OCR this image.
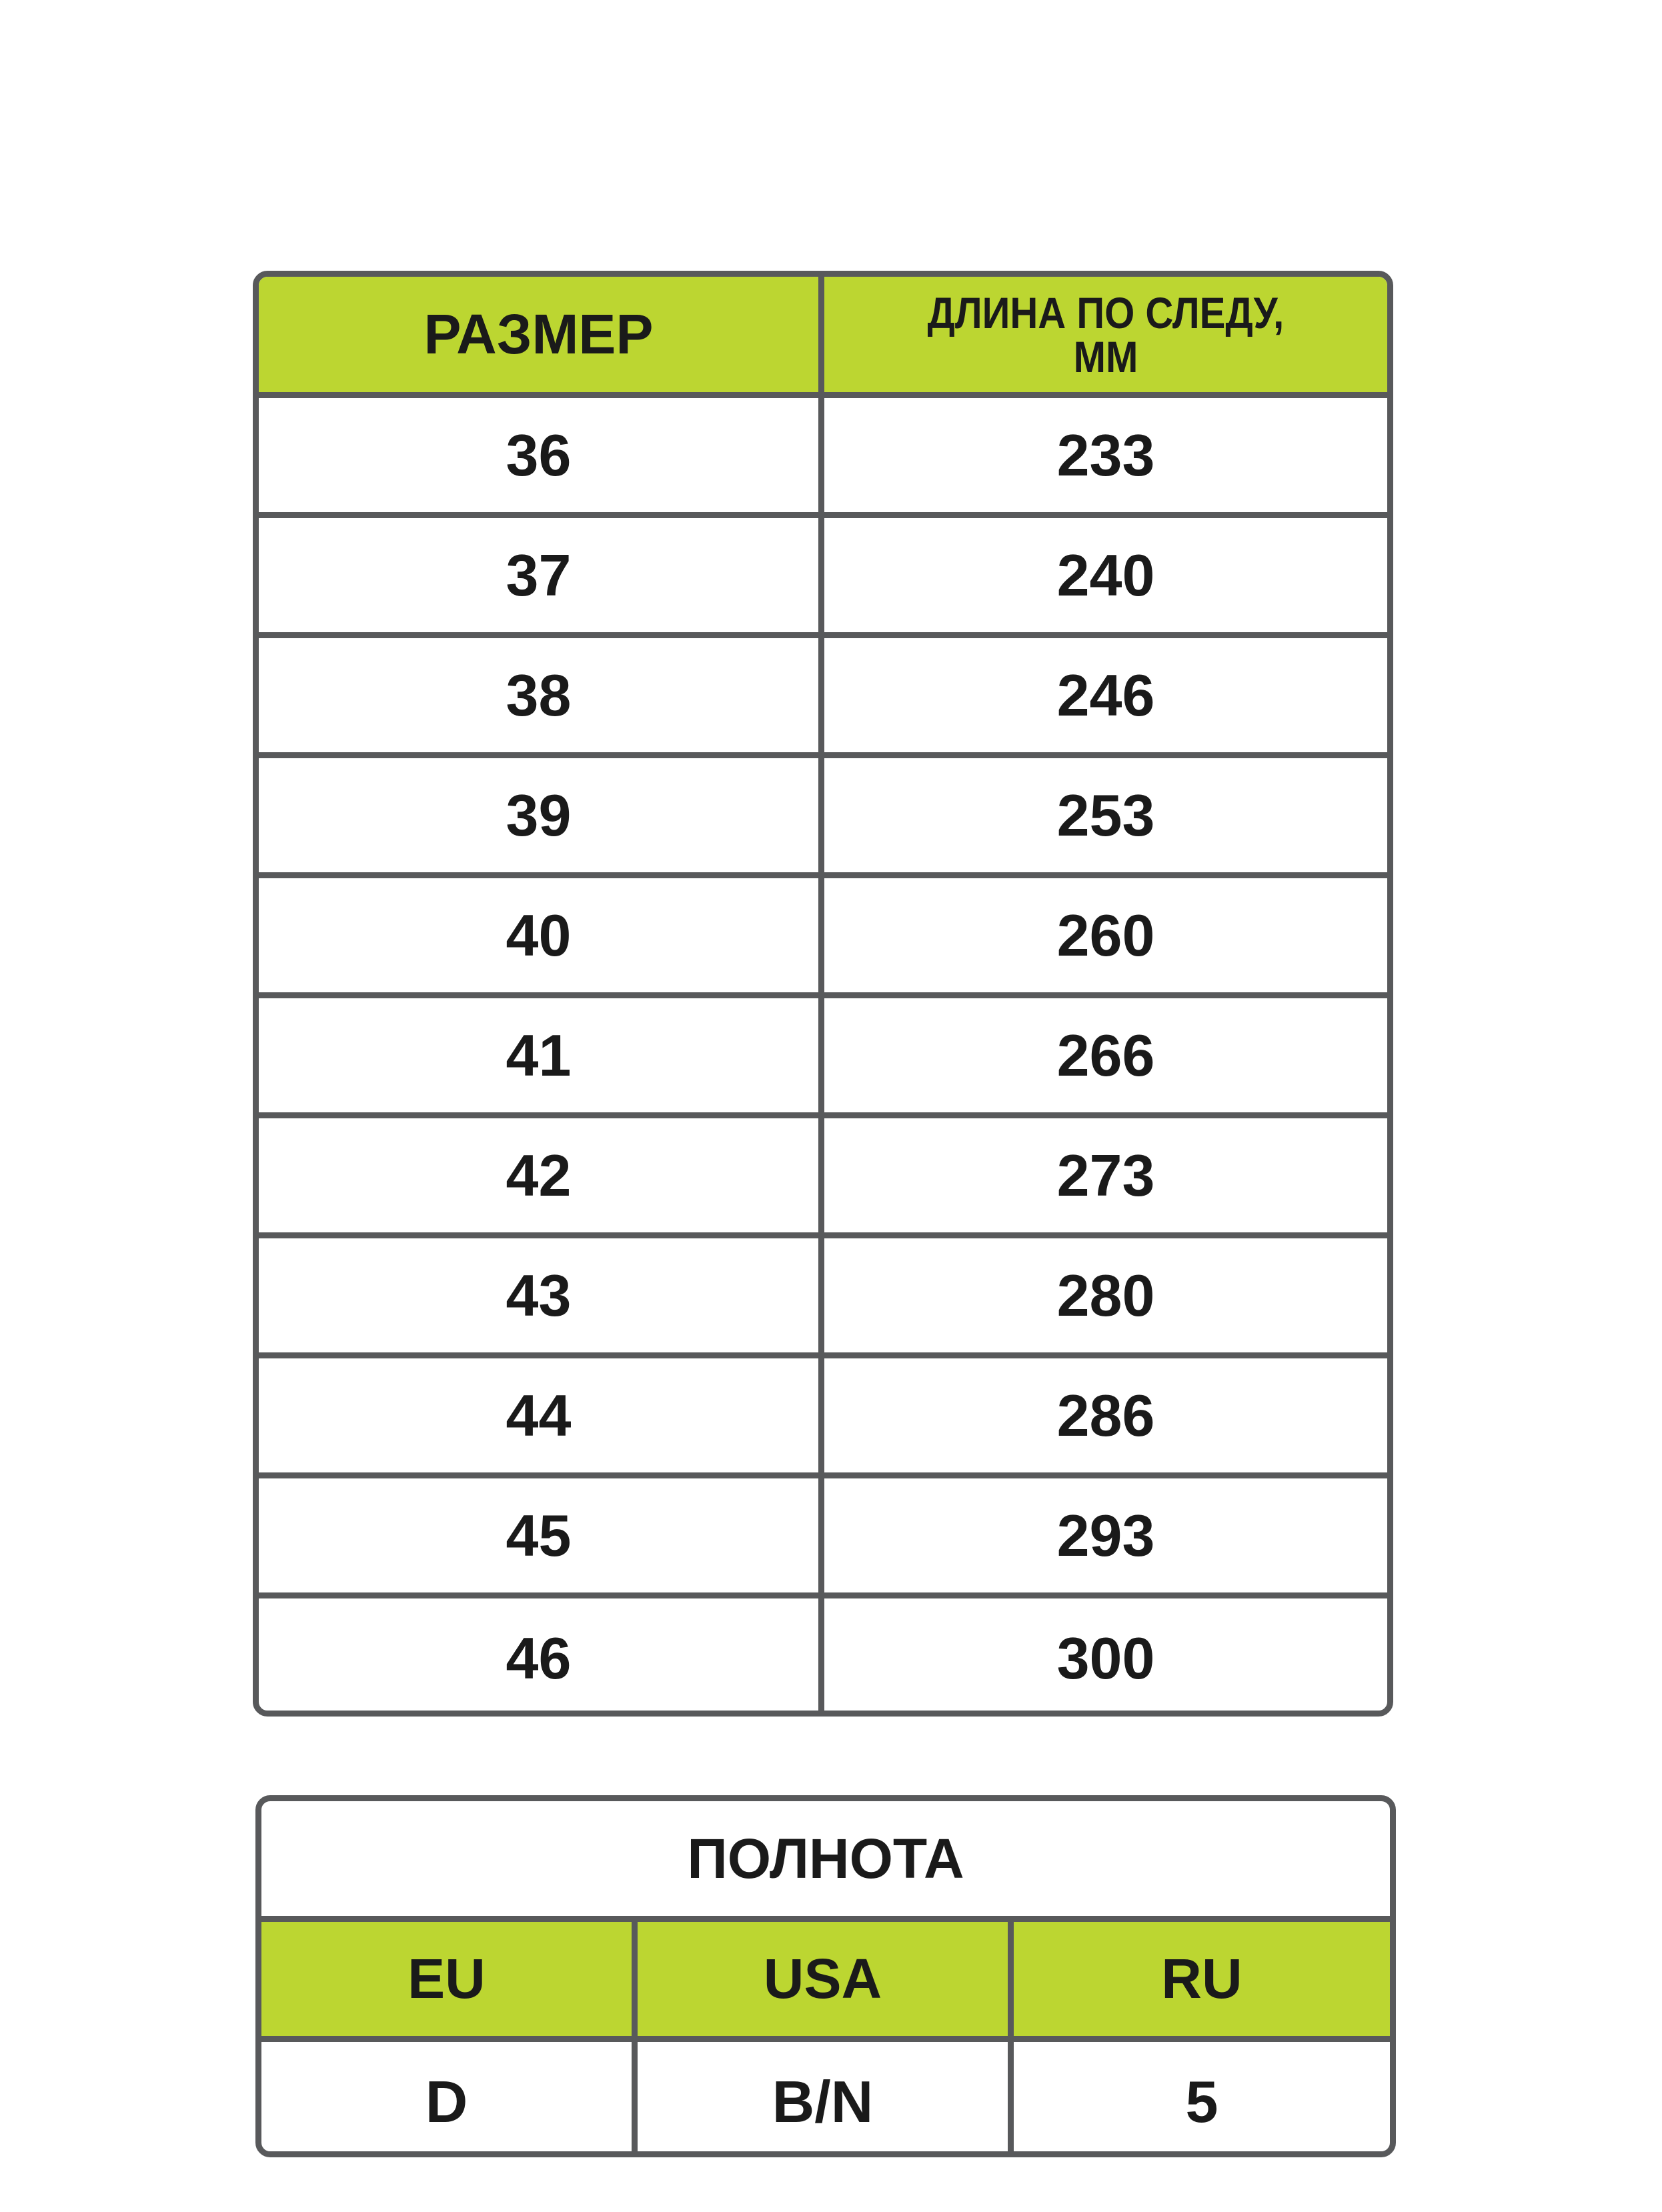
РАЗМЕР	ДЛИНА ПО СЛЕДУ,
ММ
36	233
37	240
38	246
39	253
40	260
41	266
42	273
43	280
44	286
45	293
46	300
ПОЛНОТА
EU	USA	RU
D	B/N	5
